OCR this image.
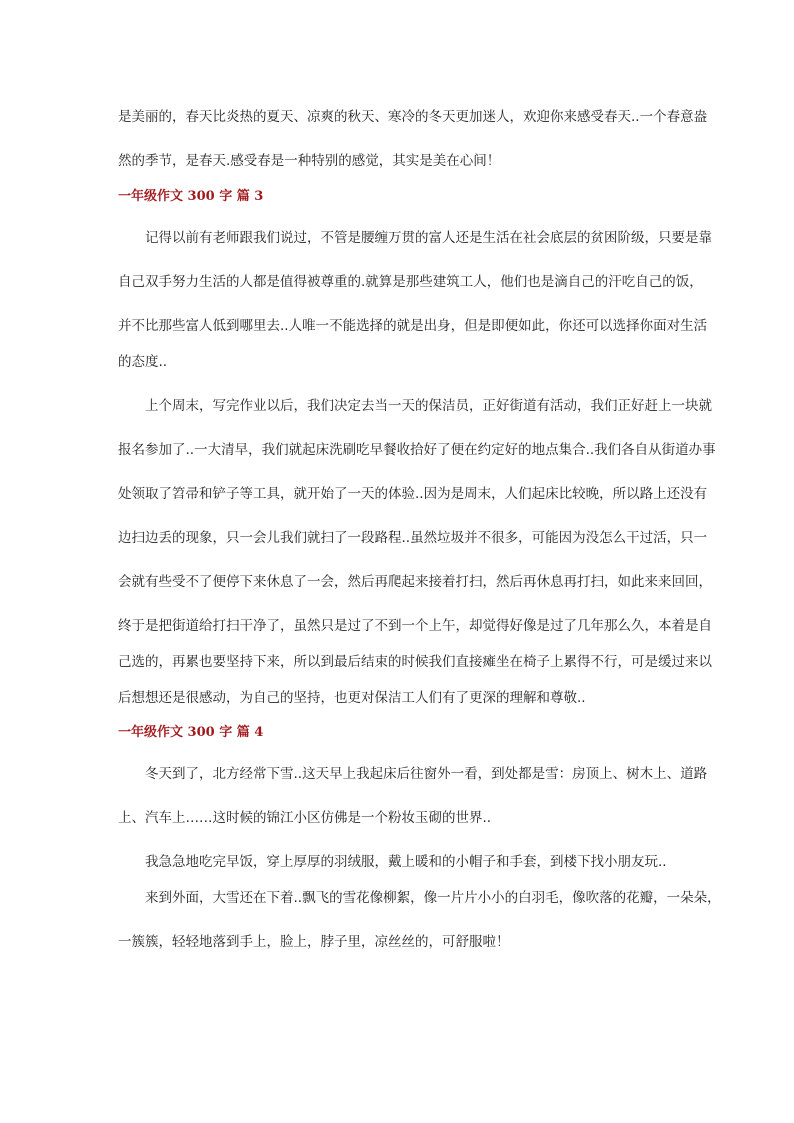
是美丽的，春天比炎热的夏天、凉爽的秋天、寒冷的冬天更加迷人，欢迎你来感受春天..一个春意盎
然的季节，是春天.感受春是一种特别的感觉，其实是美在心间！
一年级作文 300 字 篇 3
　　记得以前有老师跟我们说过，不管是腰缠万贯的富人还是生活在社会底层的贫困阶级，只要是靠
自己双手努力生活的人都是值得被尊重的.就算是那些建筑工人，他们也是滴自己的汗吃自己的饭，
并不比那些富人低到哪里去..人唯一不能选择的就是出身，但是即便如此，你还可以选择你面对生活
的态度..
　　上个周末，写完作业以后，我们决定去当一天的保洁员，正好街道有活动，我们正好赶上一块就
报名参加了..一大清早，我们就起床洗刷吃早餐收拾好了便在约定好的地点集合..我们各自从街道办事
处领取了笤帚和铲子等工具，就开始了一天的体验..因为是周末，人们起床比较晚，所以路上还没有
边扫边丢的现象，只一会儿我们就扫了一段路程..虽然垃圾并不很多，可能因为没怎么干过活，只一
会就有些受不了便停下来休息了一会，然后再爬起来接着打扫，然后再休息再打扫，如此来来回回，
终于是把街道给打扫干净了，虽然只是过了不到一个上午，却觉得好像是过了几年那么久，本着是自
己选的，再累也要坚持下来，所以到最后结束的时候我们直接瘫坐在椅子上累得不行，可是缓过来以
后想想还是很感动，为自己的坚持，也更对保洁工人们有了更深的理解和尊敬..
一年级作文 300 字 篇 4
　　冬天到了，北方经常下雪..这天早上我起床后往窗外一看，到处都是雪：房顶上、树木上、道路
上、汽车上……这时候的锦江小区仿佛是一个粉妆玉砌的世界..
　　我急急地吃完早饭，穿上厚厚的羽绒服，戴上暖和的小帽子和手套，到楼下找小朋友玩..
　　来到外面，大雪还在下着..飘飞的雪花像柳絮，像一片片小小的白羽毛，像吹落的花瓣，一朵朵，
一簇簇，轻轻地落到手上，脸上，脖子里，凉丝丝的，可舒服啦！
